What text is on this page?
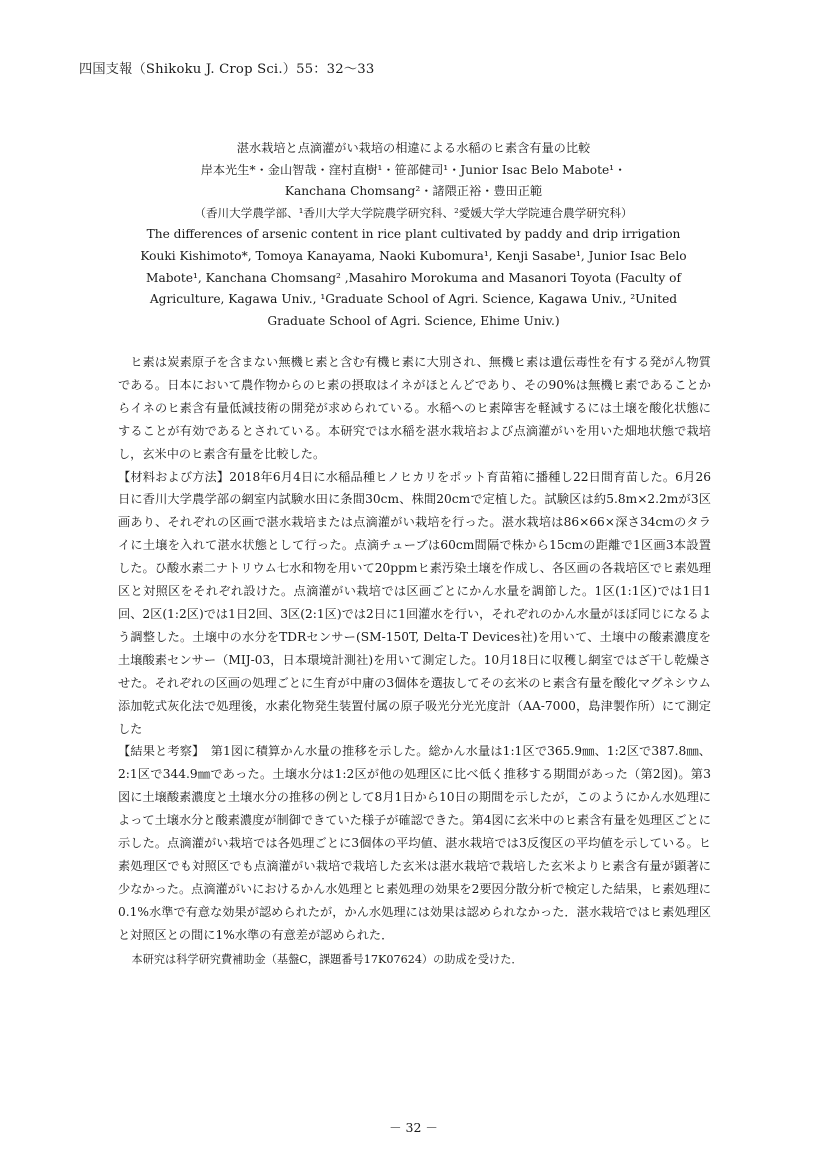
四国支報（Shikoku J. Crop Sci.）55：32～33
湛水栽培と点滴灌がい栽培の相違による水稲のヒ素含有量の比較
岸本光生*・金山智哉・窪村直樹¹・笹部健司¹・Junior Isac Belo Mabote¹・
Kanchana Chomsang²・諸隈正裕・豊田正範
（香川大学農学部、¹香川大学大学院農学研究科、²愛媛大学大学院連合農学研究科）
The differences of arsenic content in rice plant cultivated by paddy and drip irrigation
Kouki Kishimoto*, Tomoya Kanayama, Naoki Kubomura¹, Kenji Sasabe¹, Junior Isac Belo
Mabote¹, Kanchana Chomsang² ,Masahiro Morokuma and Masanori Toyota (Faculty of
Agriculture, Kagawa Univ., ¹Graduate School of Agri. Science, Kagawa Univ., ²United
Graduate School of Agri. Science, Ehime Univ.)

ヒ素は炭素原子を含まない無機ヒ素と含む有機ヒ素に大別され、無機ヒ素は遺伝毒性を有する発がん物質である。日本において農作物からのヒ素の摂取はイネがほとんどであり、その90%は無機ヒ素であることからイネのヒ素含有量低減技術の開発が求められている。水稲へのヒ素障害を軽減するには土壌を酸化状態にすることが有効であるとされている。本研究では水稲を湛水栽培および点滴灌がいを用いた畑地状態で栽培し，玄米中のヒ素含有量を比較した。

【材料および方法】2018年6月4日に水稲品種ヒノヒカリをポット育苗箱に播種し22日間育苗した。6月26日に香川大学農学部の網室内試験水田に条間30cm、株間20cmで定植した。試験区は約5.8m×2.2mが3区画あり、それぞれの区画で湛水栽培または点滴灌がい栽培を行った。湛水栽培は86×66×深さ34cmのタライに土壌を入れて湛水状態として行った。点滴チューブは60cm間隔で株から15cmの距離で1区画3本設置した。ひ酸水素二ナトリウム七水和物を用いて20ppmヒ素汚染土壌を作成し、各区画の各栽培区でヒ素処理区と対照区をそれぞれ設けた。点滴灌がい栽培では区画ごとにかん水量を調節した。1区(1:1区)では1日1回、2区(1:2区)では1日2回、3区(2:1区)では2日に1回灌水を行い，それぞれのかん水量がほぼ同じになるよう調整した。土壌中の水分をTDRセンサー(SM-150T, Delta-T Devices社)を用いて、土壌中の酸素濃度を土壌酸素センサー（MIJ-03，日本環境計測社)を用いて測定した。10月18日に収穫し網室ではざ干し乾燥させた。それぞれの区画の処理ごとに生育が中庸の3個体を選抜してその玄米のヒ素含有量を酸化マグネシウム添加乾式灰化法で処理後，水素化物発生装置付属の原子吸光分光光度計（AA-7000，島津製作所）にて測定した

【結果と考察】　第1図に積算かん水量の推移を示した。総かん水量は1:1区で365.9㎜、1:2区で387.8㎜、2:1区で344.9㎜であった。土壌水分は1:2区が他の処理区に比べ低く推移する期間があった（第2図)。第3図に土壌酸素濃度と土壌水分の推移の例として8月1日から10日の期間を示したが，このようにかん水処理によって土壌水分と酸素濃度が制御できていた様子が確認できた。第4図に玄米中のヒ素含有量を処理区ごとに示した。点滴灌がい栽培では各処理ごとに3個体の平均値、湛水栽培では3反復区の平均値を示している。ヒ素処理区でも対照区でも点滴灌がい栽培で栽培した玄米は湛水栽培で栽培した玄米よりヒ素含有量が顕著に少なかった。点滴灌がいにおけるかん水処理とヒ素処理の効果を2要因分散分析で検定した結果，ヒ素処理に0.1%水準で有意な効果が認められたが，かん水処理には効果は認められなかった．湛水栽培ではヒ素処理区と対照区との間に1%水準の有意差が認められた．

本研究は科学研究費補助金（基盤C，課題番号17K07624）の助成を受けた．

－ 32 －
